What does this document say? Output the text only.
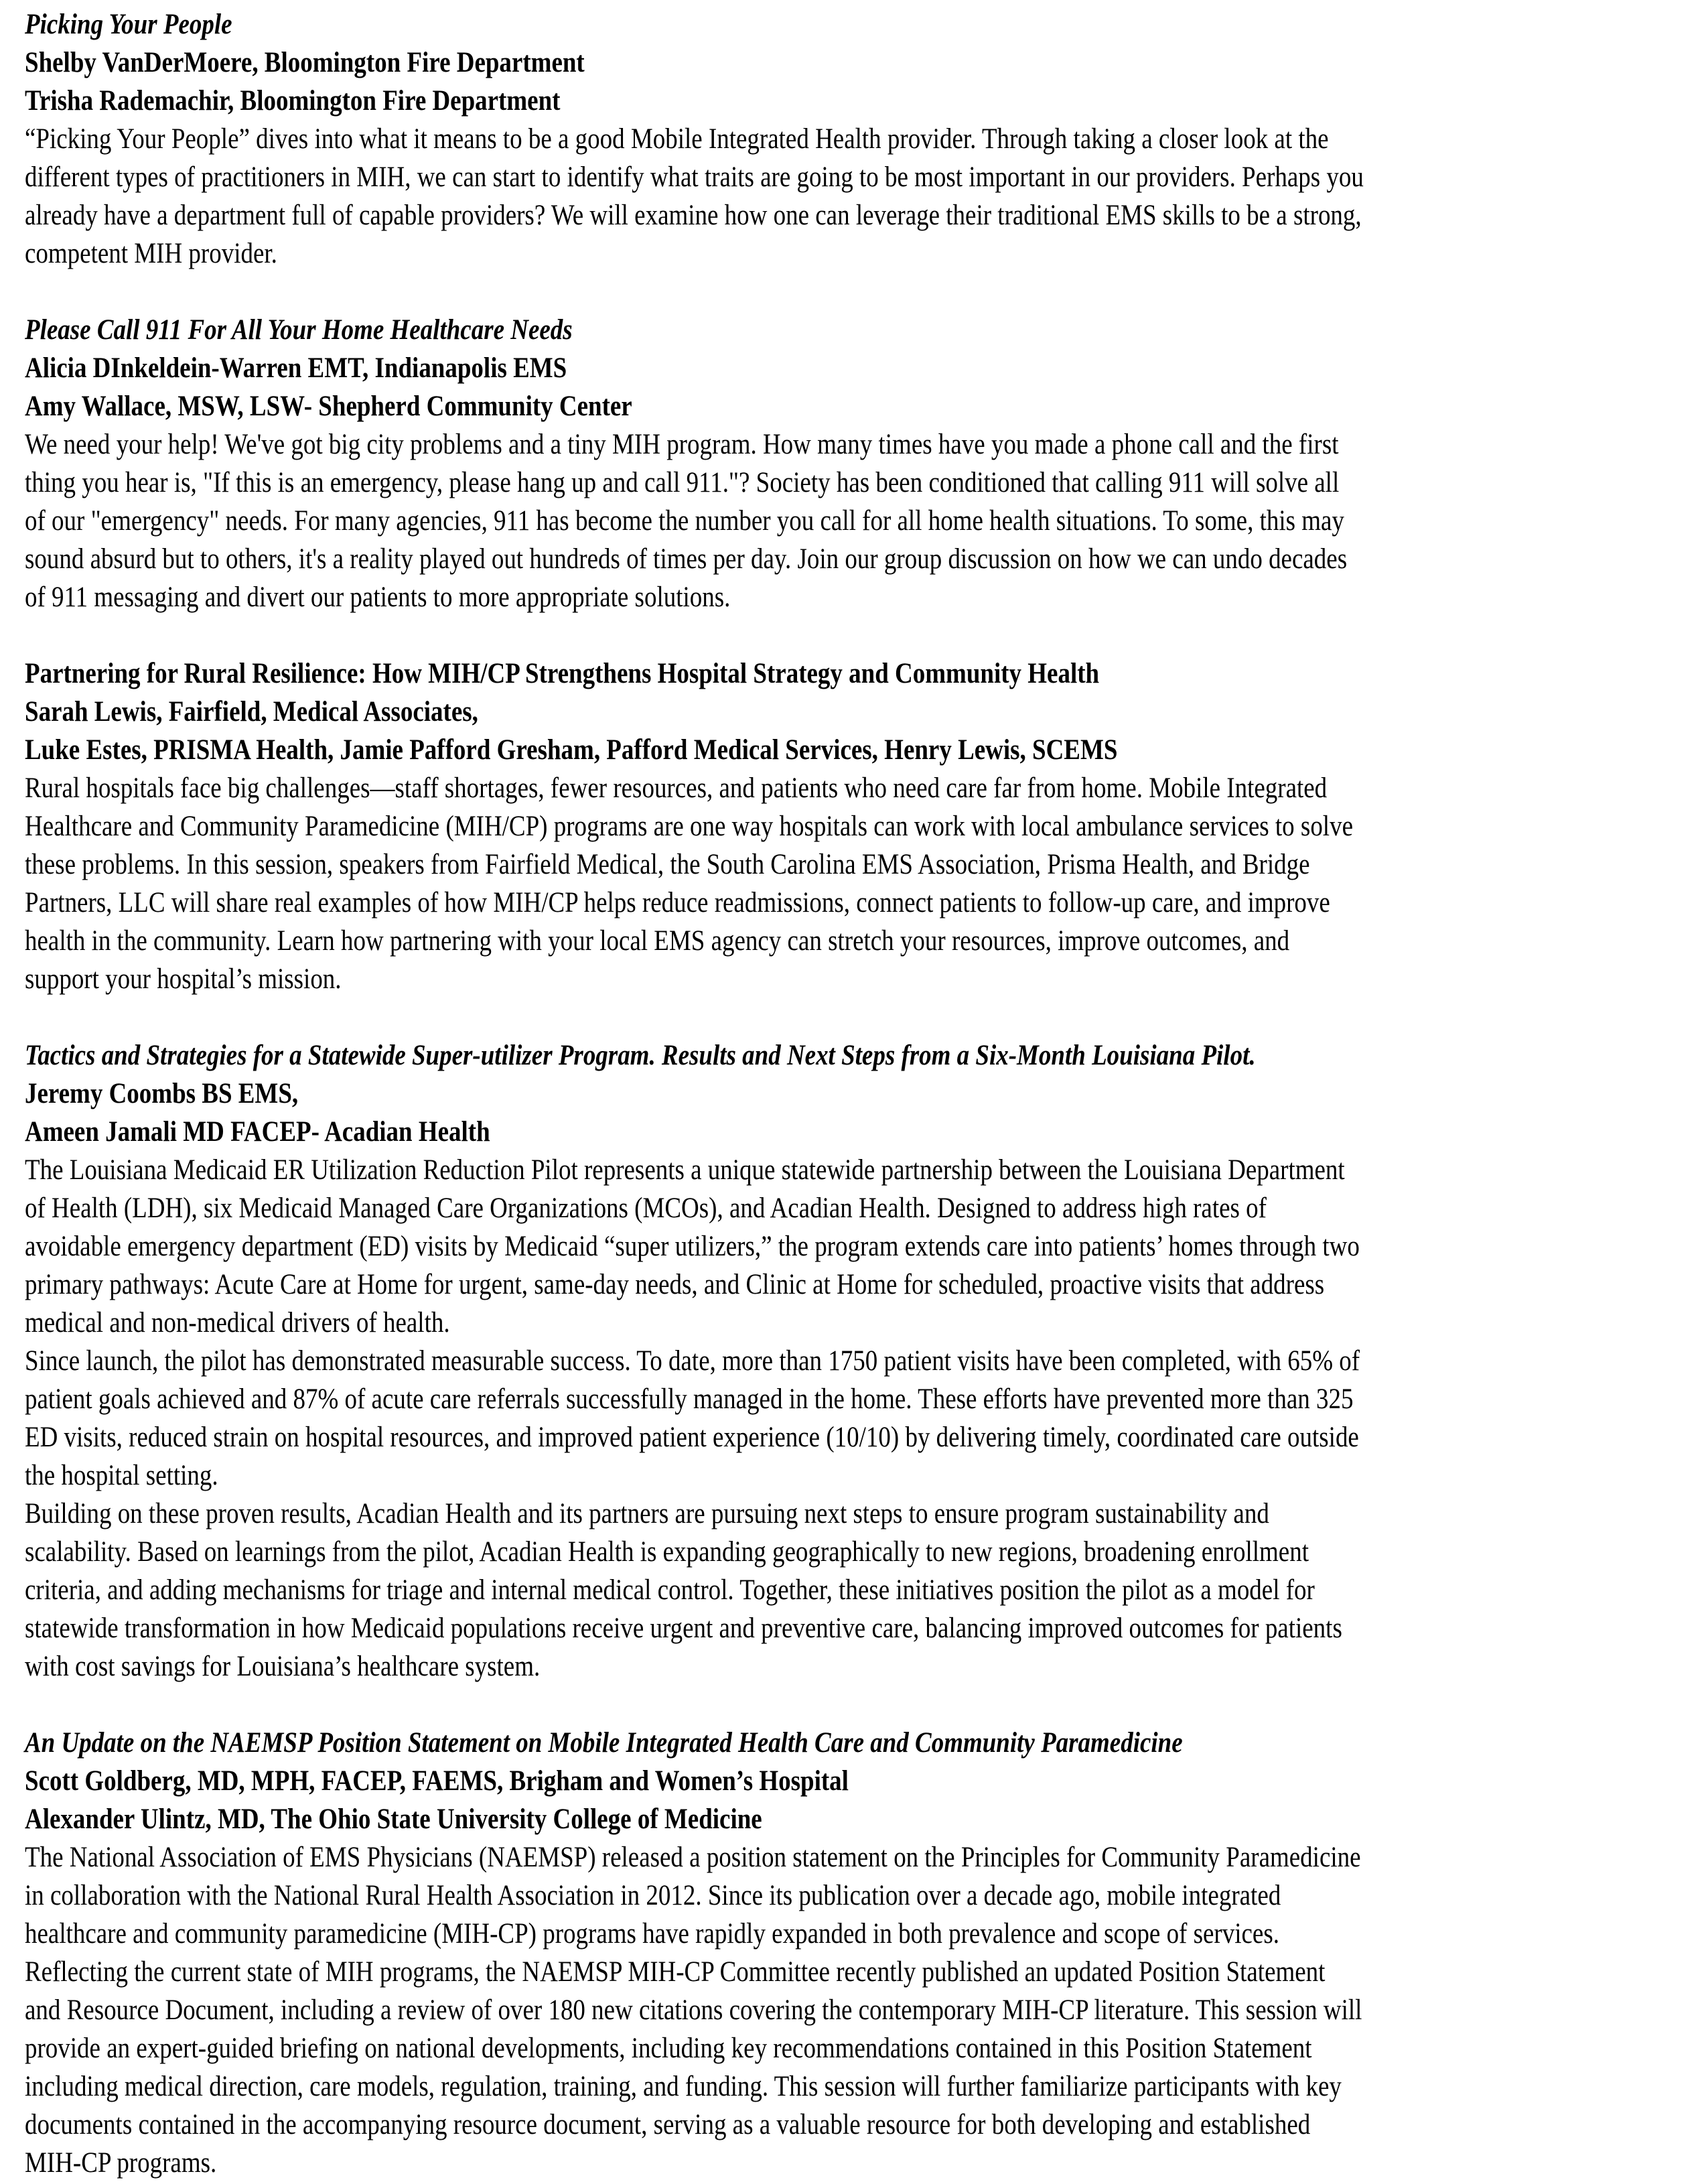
Picking Your People
Shelby VanDerMoere, Bloomington Fire Department
Trisha Rademachir, Bloomington Fire Department
“Picking Your People” dives into what it means to be a good Mobile Integrated Health provider. Through taking a closer look at the
different types of practitioners in MIH, we can start to identify what traits are going to be most important in our providers. Perhaps you
already have a department full of capable providers? We will examine how one can leverage their traditional EMS skills to be a strong,
competent MIH provider.
Please Call 911 For All Your Home Healthcare Needs
Alicia DInkeldein-Warren EMT, Indianapolis EMS
Amy Wallace, MSW, LSW- Shepherd Community Center
We need your help! We've got big city problems and a tiny MIH program. How many times have you made a phone call and the first
thing you hear is, "If this is an emergency, please hang up and call 911."? Society has been conditioned that calling 911 will solve all
of our "emergency" needs. For many agencies, 911 has become the number you call for all home health situations. To some, this may
sound absurd but to others, it's a reality played out hundreds of times per day. Join our group discussion on how we can undo decades
of 911 messaging and divert our patients to more appropriate solutions.
Partnering for Rural Resilience: How MIH/CP Strengthens Hospital Strategy and Community Health
Sarah Lewis, Fairfield, Medical Associates,
Luke Estes, PRISMA Health, Jamie Pafford Gresham, Pafford Medical Services, Henry Lewis, SCEMS
Rural hospitals face big challenges—staff shortages, fewer resources, and patients who need care far from home. Mobile Integrated
Healthcare and Community Paramedicine (MIH/CP) programs are one way hospitals can work with local ambulance services to solve
these problems. In this session, speakers from Fairfield Medical, the South Carolina EMS Association, Prisma Health, and Bridge
Partners, LLC will share real examples of how MIH/CP helps reduce readmissions, connect patients to follow-up care, and improve
health in the community. Learn how partnering with your local EMS agency can stretch your resources, improve outcomes, and
support your hospital’s mission.
Tactics and Strategies for a Statewide Super-utilizer Program. Results and Next Steps from a Six-Month Louisiana Pilot.
Jeremy Coombs BS EMS,
Ameen Jamali MD FACEP- Acadian Health
The Louisiana Medicaid ER Utilization Reduction Pilot represents a unique statewide partnership between the Louisiana Department
of Health (LDH), six Medicaid Managed Care Organizations (MCOs), and Acadian Health. Designed to address high rates of
avoidable emergency department (ED) visits by Medicaid “super utilizers,” the program extends care into patients’ homes through two
primary pathways: Acute Care at Home for urgent, same-day needs, and Clinic at Home for scheduled, proactive visits that address
medical and non-medical drivers of health.
Since launch, the pilot has demonstrated measurable success. To date, more than 1750 patient visits have been completed, with 65% of
patient goals achieved and 87% of acute care referrals successfully managed in the home. These efforts have prevented more than 325
ED visits, reduced strain on hospital resources, and improved patient experience (10/10) by delivering timely, coordinated care outside
the hospital setting.
Building on these proven results, Acadian Health and its partners are pursuing next steps to ensure program sustainability and
scalability. Based on learnings from the pilot, Acadian Health is expanding geographically to new regions, broadening enrollment
criteria, and adding mechanisms for triage and internal medical control. Together, these initiatives position the pilot as a model for
statewide transformation in how Medicaid populations receive urgent and preventive care, balancing improved outcomes for patients
with cost savings for Louisiana’s healthcare system.
An Update on the NAEMSP Position Statement on Mobile Integrated Health Care and Community Paramedicine
Scott Goldberg, MD, MPH, FACEP, FAEMS, Brigham and Women’s Hospital
Alexander Ulintz, MD, The Ohio State University College of Medicine
The National Association of EMS Physicians (NAEMSP) released a position statement on the Principles for Community Paramedicine
in collaboration with the National Rural Health Association in 2012. Since its publication over a decade ago, mobile integrated
healthcare and community paramedicine (MIH-CP) programs have rapidly expanded in both prevalence and scope of services.
Reflecting the current state of MIH programs, the NAEMSP MIH-CP Committee recently published an updated Position Statement
and Resource Document, including a review of over 180 new citations covering the contemporary MIH-CP literature. This session will
provide an expert-guided briefing on national developments, including key recommendations contained in this Position Statement
including medical direction, care models, regulation, training, and funding. This session will further familiarize participants with key
documents contained in the accompanying resource document, serving as a valuable resource for both developing and established
MIH-CP programs.
